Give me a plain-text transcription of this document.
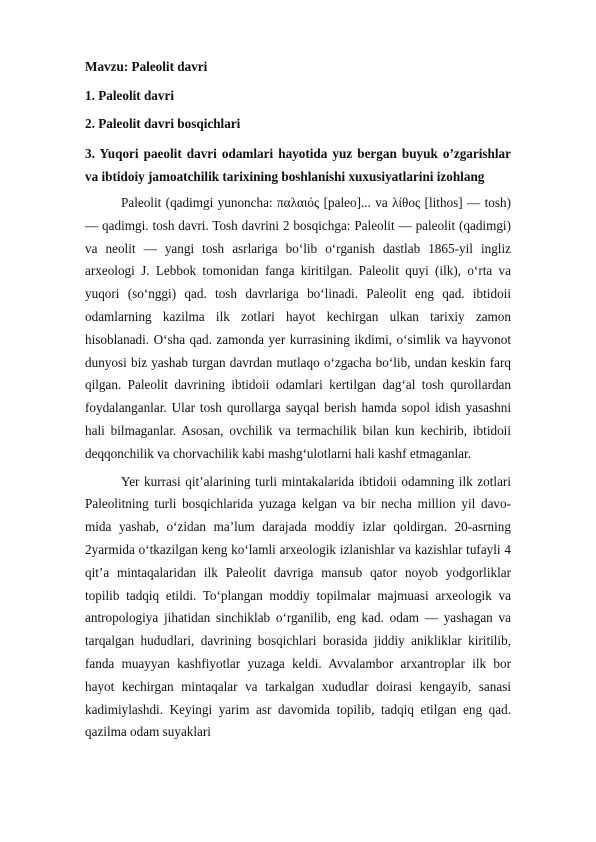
Mavzu: Paleolit davri

1. Paleolit davri

2. Paleolit davri bosqichlari

3. Yuqori paeolit davri odamlari hayotida yuz bergan buyuk o’zgarishlar va ibtidoiy jamoatchilik tarixining boshlanishi xuxusiyatlarini izohlang

Paleolit (qadimgi yunoncha: παλαιός [paleo]... va λίθος [lithos] — tosh) — qadimgi. tosh davri. Tosh davrini 2 bosqichga: Paleolit — paleolit (qadimgi) va neolit — yangi tosh asrlariga bo‘lib o‘rganish dastlab 1865-yil ingliz arxeologi J. Lebbok tomonidan fanga kiritilgan. Paleolit quyi (ilk), o‘rta va yuqori (so‘nggi) qad. tosh davrlariga bo‘linadi. Paleolit eng qad. ibtidoii odamlarning kazilma ilk zotlari hayot kechirgan ulkan tarixiy zamon hisoblanadi. O‘sha qad. zamonda yer kurrasining ikdimi, o‘simlik va hayvonot dunyosi biz yashab turgan davrdan mutlaqo o‘zgacha bo‘lib, undan keskin farq qilgan. Paleolit davrining ibtidoii odamlari kertilgan dag‘al tosh qurollardan foydalanganlar. Ular tosh qurollarga sayqal berish hamda sopol idish yasashni hali bilmaganlar. Asosan, ovchilik va termachilik bilan kun kechirib, ibtidoii deqqonchilik va chorvachilik kabi mashg‘ulotlarni hali kashf etmaganlar.

Yer kurrasi qit’alarining turli mintakalarida ibtidoii odamning ilk zotlari Paleolitning turli bosqichlarida yuzaga kelgan va bir necha million yil davo-mida yashab, o‘zidan ma’lum darajada moddiy izlar qoldirgan. 20-asrning 2yarmida o‘tkazilgan keng ko‘lamli arxeologik izlanishlar va kazishlar tufayli 4 qit’a mintaqalaridan ilk Paleolit davriga mansub qator noyob yodgorliklar topilib tadqiq etildi. To‘plangan moddiy topilmalar majmuasi arxeologik va antropologiya jihatidan sinchiklab o‘rganilib, eng kad. odam — yashagan va tarqalgan hududlari, davrining bosqichlari borasida jiddiy anikliklar kiritilib, fanda muayyan kashfiyotlar yuzaga keldi. Avvalambor arxantroplar ilk bor hayot kechirgan mintaqalar va tarkalgan xududlar doirasi kengayib, sanasi kadimiylashdi. Keyingi yarim asr davomida topilib, tadqiq etilgan eng qad. qazilma odam suyaklari
